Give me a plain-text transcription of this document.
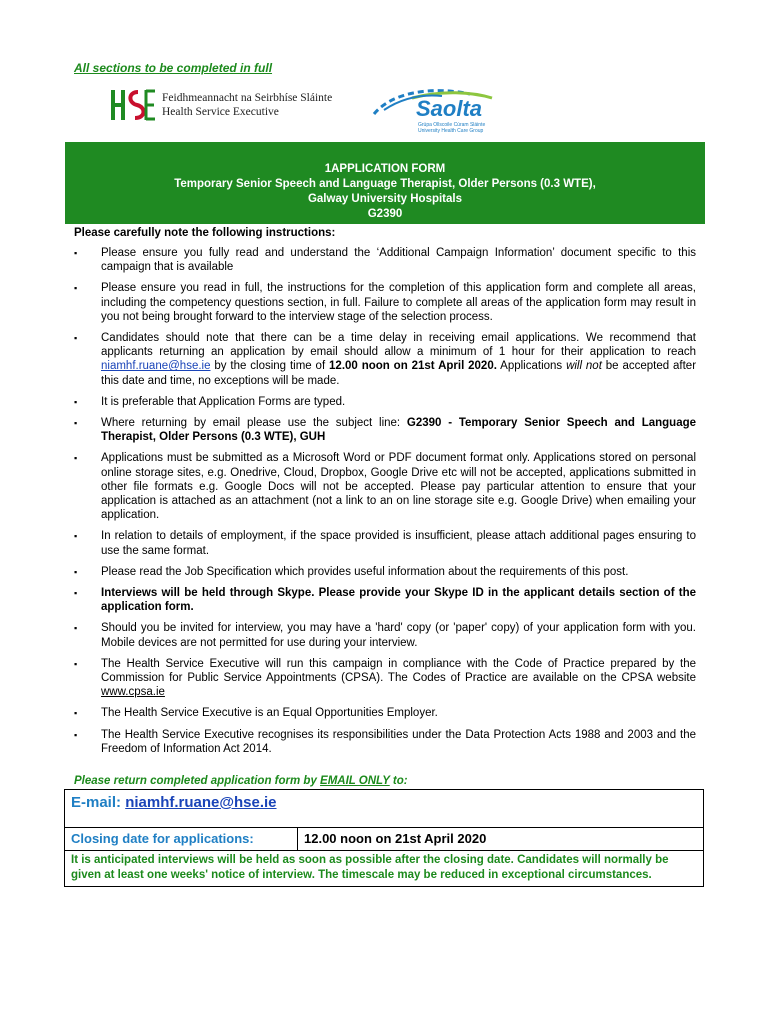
All sections to be completed in full
Feidhmeannacht na Seirbhíse Sláinte
Health Service Executive	Saolta
Grúpa Ollscoile Cúram Sláinte
University Health Care Group
1APPLICATION FORM
Temporary Senior Speech and Language Therapist, Older Persons (0.3 WTE),
Galway University Hospitals
G2390
Please carefully note the following instructions:
▪ Please ensure you fully read and understand the ‘Additional Campaign Information’ document specific to this campaign that is available
▪ Please ensure you read in full, the instructions for the completion of this application form and complete all areas, including the competency questions section, in full. Failure to complete all areas of the application form may result in you not being brought forward to the interview stage of the selection process.
▪ Candidates should note that there can be a time delay in receiving email applications. We recommend that applicants returning an application by email should allow a minimum of 1 hour for their application to reach niamhf.ruane@hse.ie by the closing time of 12.00 noon on 21st April 2020. Applications will not be accepted after this date and time, no exceptions will be made.
▪ It is preferable that Application Forms are typed.
▪ Where returning by email please use the subject line: G2390 - Temporary Senior Speech and Language Therapist, Older Persons (0.3 WTE), GUH
▪ Applications must be submitted as a Microsoft Word or PDF document format only. Applications stored on personal online storage sites, e.g. Onedrive, Cloud, Dropbox, Google Drive etc will not be accepted, applications submitted in other file formats e.g. Google Docs will not be accepted. Please pay particular attention to ensure that your application is attached as an attachment (not a link to an on line storage site e.g. Google Drive) when emailing your application.
▪ In relation to details of employment, if the space provided is insufficient, please attach additional pages ensuring to use the same format.
▪ Please read the Job Specification which provides useful information about the requirements of this post.
▪ Interviews will be held through Skype. Please provide your Skype ID in the applicant details section of the application form.
▪ Should you be invited for interview, you may have a 'hard' copy (or 'paper' copy) of your application form with you. Mobile devices are not permitted for use during your interview.
▪ The Health Service Executive will run this campaign in compliance with the Code of Practice prepared by the Commission for Public Service Appointments (CPSA). The Codes of Practice are available on the CPSA website www.cpsa.ie
▪ The Health Service Executive is an Equal Opportunities Employer.
▪ The Health Service Executive recognises its responsibilities under the Data Protection Acts 1988 and 2003 and the Freedom of Information Act 2014.
Please return completed application form by EMAIL ONLY to:
E-mail: niamhf.ruane@hse.ie
Closing date for applications:	12.00 noon on 21st April 2020
It is anticipated interviews will be held as soon as possible after the closing date. Candidates will normally be given at least one weeks' notice of interview. The timescale may be reduced in exceptional circumstances.
